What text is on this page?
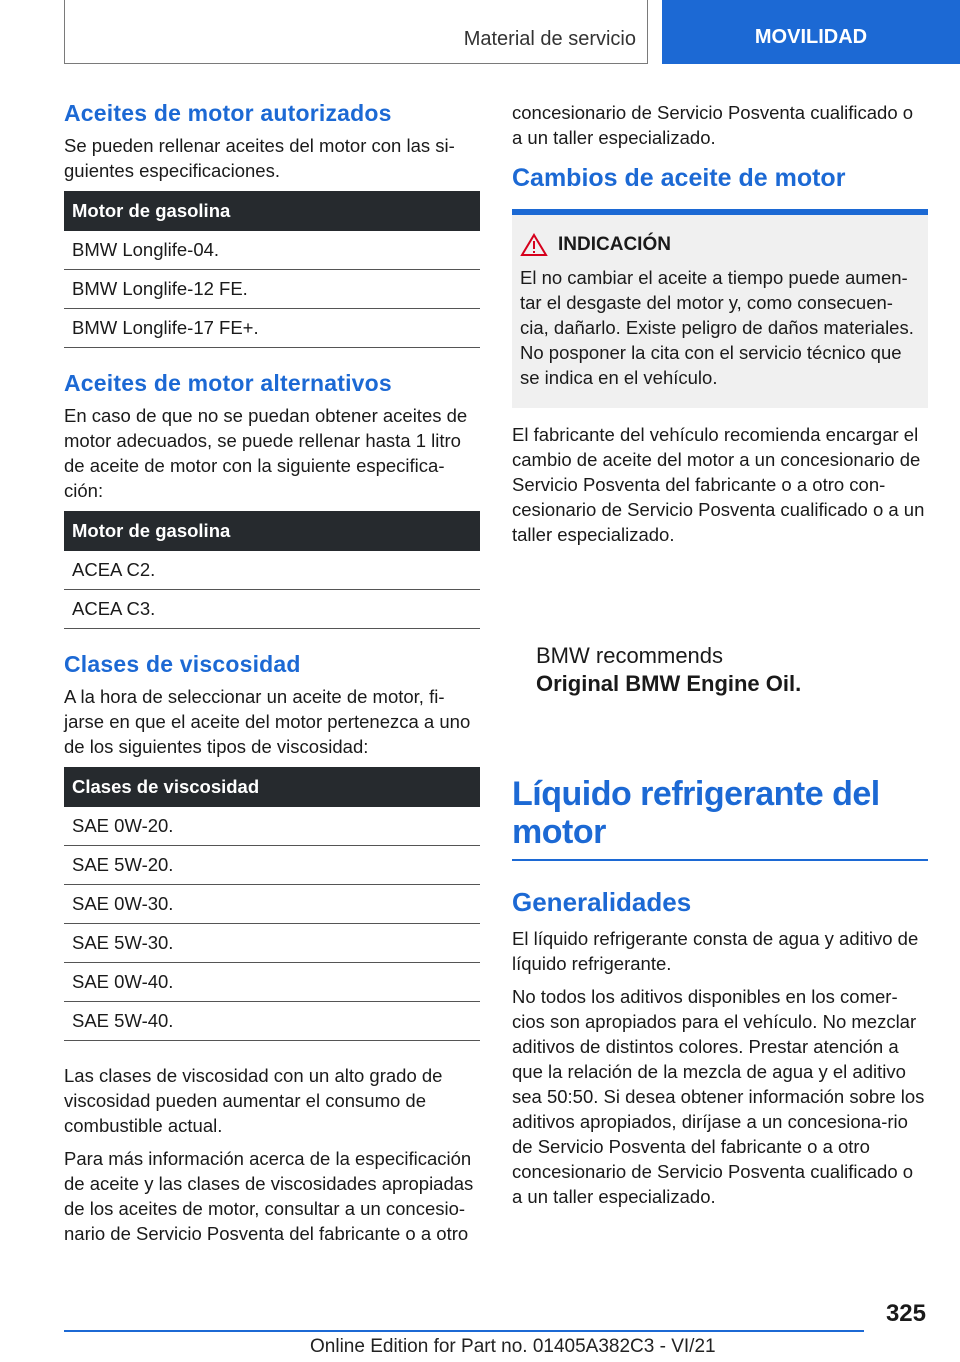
Material de servicio	MOVILIDAD
Aceites de motor autorizados

Se pueden rellenar aceites del motor con las si-guientes especificaciones.

Motor de gasolina
BMW Longlife-04.
BMW Longlife-12 FE.
BMW Longlife-17 FE+.
Aceites de motor alternativos

En caso de que no se puedan obtener aceites de motor adecuados, se puede rellenar hasta 1 litro de aceite de motor con la siguiente especifica-ción:

Motor de gasolina
ACEA C2.
ACEA C3.
Clases de viscosidad

A la hora de seleccionar un aceite de motor, fi-jarse en que el aceite del motor pertenezca a uno de los siguientes tipos de viscosidad:

Clases de viscosidad
SAE 0W-20.
SAE 5W-20.
SAE 0W-30.
SAE 5W-30.
SAE 0W-40.
SAE 5W-40.

Las clases de viscosidad con un alto grado de viscosidad pueden aumentar el consumo de combustible actual.

Para más información acerca de la especificación de aceite y las clases de viscosidades apropiadas de los aceites de motor, consultar a un concesio-nario de Servicio Posventa del fabricante o a otro

concesionario de Servicio Posventa cualificado o a un taller especializado.

Cambios de aceite de motor
INDICACIÓN

El no cambiar el aceite a tiempo puede aumen-tar el desgaste del motor y, como consecuen-cia, dañarlo. Existe peligro de daños materiales. No posponer la cita con el servicio técnico que se indica en el vehículo.

El fabricante del vehículo recomienda encargar el cambio de aceite del motor a un concesionario de Servicio Posventa del fabricante o a otro con-cesionario de Servicio Posventa cualificado o a un taller especializado.

BMW recommends
Original BMW Engine Oil.
Líquido refrigerante del motor
Generalidades

El líquido refrigerante consta de agua y aditivo de líquido refrigerante.

No todos los aditivos disponibles en los comer-cios son apropiados para el vehículo. No mezclar aditivos de distintos colores. Prestar atención a que la relación de la mezcla de agua y el aditivo sea 50:50. Si desea obtener información sobre los aditivos apropiados, diríjase a un concesiona-rio de Servicio Posventa del fabricante o a otro concesionario de Servicio Posventa cualificado o a un taller especializado.

325
Online Edition for Part no. 01405A382C3 - VI/21
